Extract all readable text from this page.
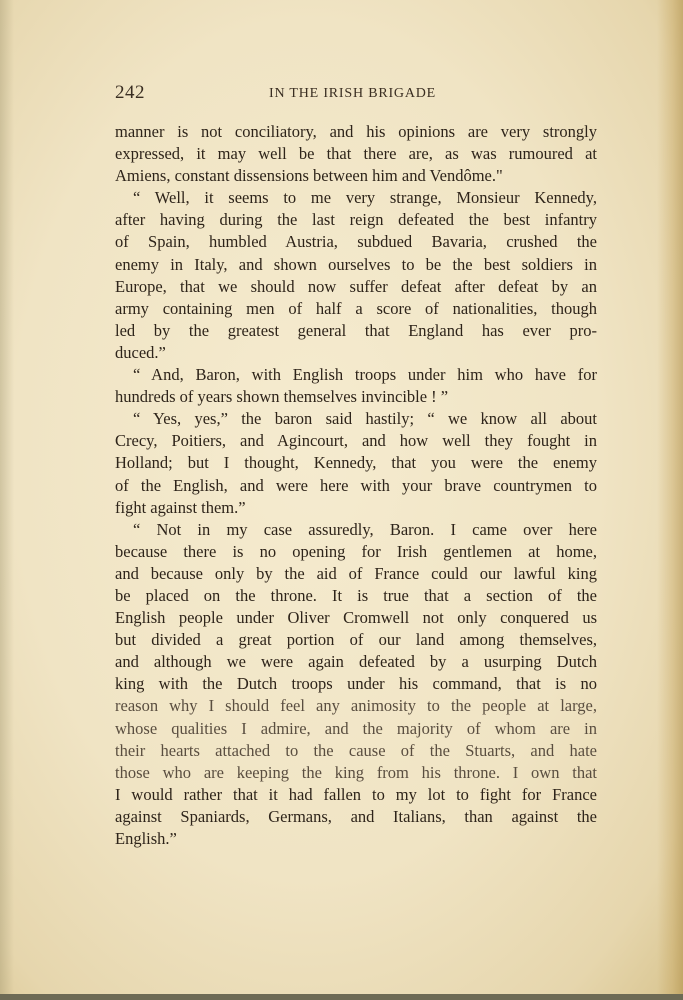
242	IN THE IRISH BRIGADE
manner is not conciliatory, and his opinions are very strongly
expressed, it may well be that there are, as was rumoured at
Amiens, constant dissensions between him and Vendôme."
“ Well, it seems to me very strange, Monsieur Kennedy,
after having during the last reign defeated the best infantry
of Spain, humbled Austria, subdued Bavaria, crushed the
enemy in Italy, and shown ourselves to be the best soldiers in
Europe, that we should now suffer defeat after defeat by an
army containing men of half a score of nationalities, though
led by the greatest general that England has ever pro-
duced.”
“ And, Baron, with English troops under him who have for
hundreds of years shown themselves invincible ! ”
“ Yes, yes,” the baron said hastily; “ we know all about
Crecy, Poitiers, and Agincourt, and how well they fought in
Holland; but I thought, Kennedy, that you were the enemy
of the English, and were here with your brave countrymen to
fight against them.”
“ Not in my case assuredly, Baron. I came over here
because there is no opening for Irish gentlemen at home,
and because only by the aid of France could our lawful king
be placed on the throne. It is true that a section of the
English people under Oliver Cromwell not only conquered us
but divided a great portion of our land among themselves,
and although we were again defeated by a usurping Dutch
king with the Dutch troops under his command, that is no
reason why I should feel any animosity to the people at large,
whose qualities I admire, and the majority of whom are in
their hearts attached to the cause of the Stuarts, and hate
those who are keeping the king from his throne. I own that
I would rather that it had fallen to my lot to fight for France
against Spaniards, Germans, and Italians, than against the
English.”
